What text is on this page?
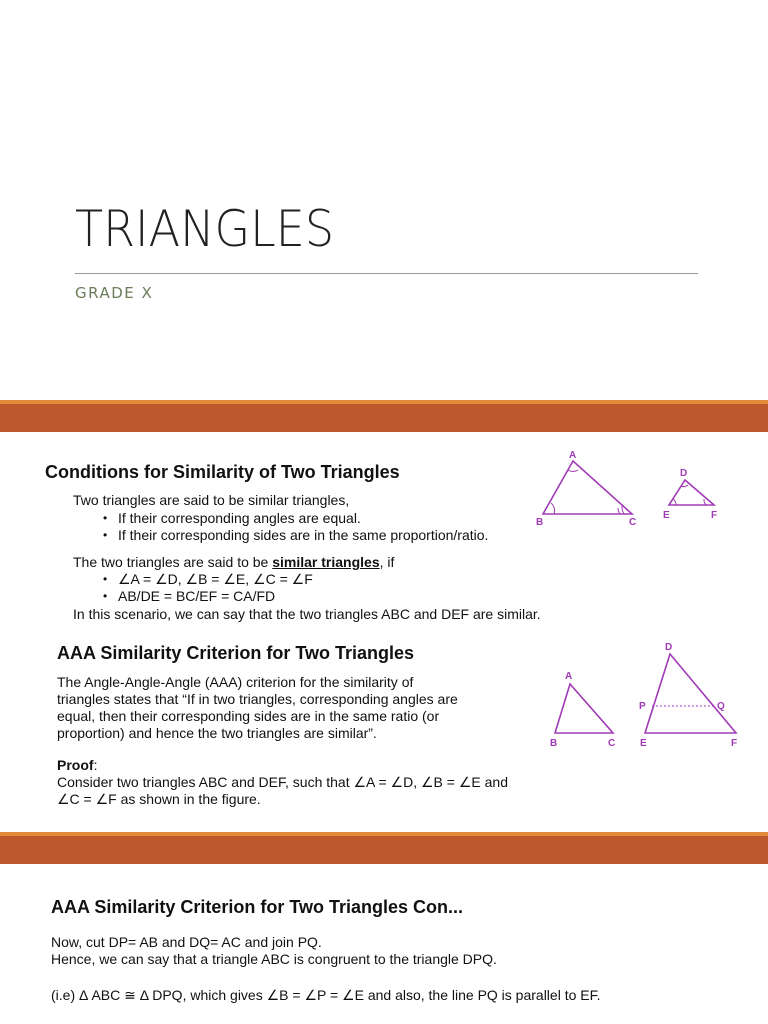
TRIANGLES
GRADE X
Conditions for Similarity of Two Triangles

Two triangles are said to be similar triangles,

• If their corresponding angles are equal.
• If their corresponding sides are in the same proportion/ratio.

The two triangles are said to be similar triangles, if

• ∠A = ∠D, ∠B = ∠E, ∠C = ∠F
• AB/DE = BC/EF = CA/FD

In this scenario, we can say that the two triangles ABC and DEF are similar.

A
B	C
D
E	F
AAA Similarity Criterion for Two Triangles
The Angle-Angle-Angle (AAA) criterion for the similarity of
triangles states that “If in two triangles, corresponding angles are
equal, then their corresponding sides are in the same ratio (or
proportion) and hence the two triangles are similar”.
Proof:
Consider two triangles ABC and DEF, such that ∠A = ∠D, ∠B = ∠E and
∠C = ∠F as shown in the figure.
A
B	C
D
E	F
P	Q
AAA Similarity Criterion for Two Triangles Con...
Now, cut DP= AB and DQ= AC and join PQ.
Hence, we can say that a triangle ABC is congruent to the triangle DPQ.

(i.e) Δ ABC ≅ Δ DPQ, which gives ∠B = ∠P = ∠E and also, the line PQ is parallel to EF.
